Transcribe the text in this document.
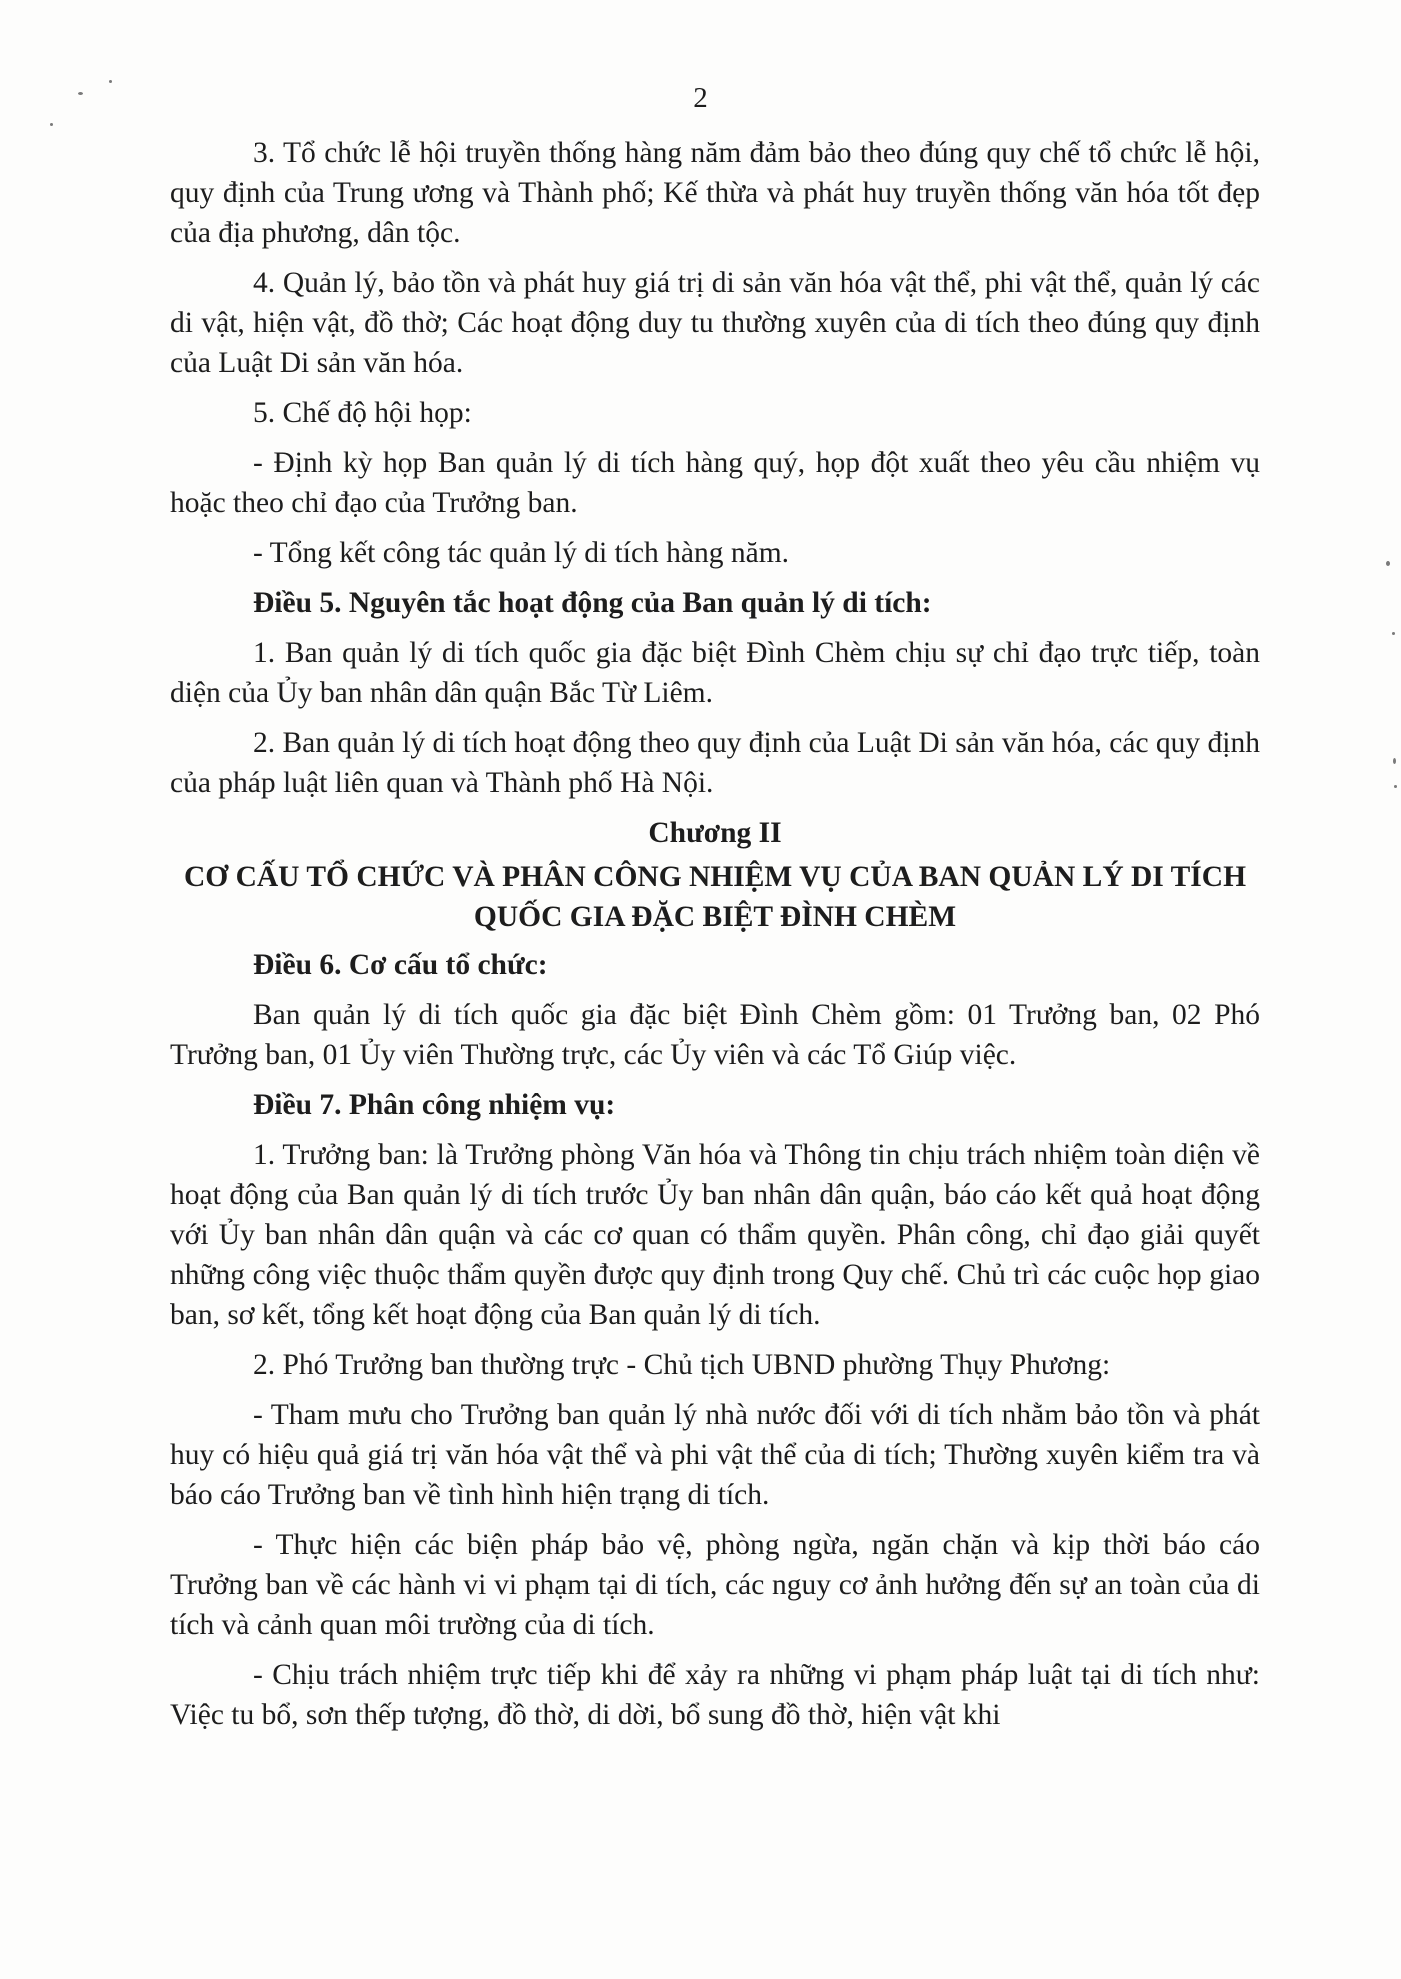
2

3. Tổ chức lễ hội truyền thống hàng năm đảm bảo theo đúng quy chế tổ chức lễ hội, quy định của Trung ương và Thành phố; Kế thừa và phát huy truyền thống văn hóa tốt đẹp của địa phương, dân tộc.

4. Quản lý, bảo tồn và phát huy giá trị di sản văn hóa vật thể, phi vật thể, quản lý các di vật, hiện vật, đồ thờ; Các hoạt động duy tu thường xuyên của di tích theo đúng quy định của Luật Di sản văn hóa.

5. Chế độ hội họp:

- Định kỳ họp Ban quản lý di tích hàng quý, họp đột xuất theo yêu cầu nhiệm vụ hoặc theo chỉ đạo của Trưởng ban.

- Tổng kết công tác quản lý di tích hàng năm.

Điều 5. Nguyên tắc hoạt động của Ban quản lý di tích:

1. Ban quản lý di tích quốc gia đặc biệt Đình Chèm chịu sự chỉ đạo trực tiếp, toàn diện của Ủy ban nhân dân quận Bắc Từ Liêm.

2. Ban quản lý di tích hoạt động theo quy định của Luật Di sản văn hóa, các quy định của pháp luật liên quan và Thành phố Hà Nội.

Chương II
CƠ CẤU TỔ CHỨC VÀ PHÂN CÔNG NHIỆM VỤ CỦA BAN QUẢN LÝ DI TÍCH QUỐC GIA ĐẶC BIỆT ĐÌNH CHÈM

Điều 6. Cơ cấu tổ chức:

Ban quản lý di tích quốc gia đặc biệt Đình Chèm gồm: 01 Trưởng ban, 02 Phó Trưởng ban, 01 Ủy viên Thường trực, các Ủy viên và các Tổ Giúp việc.

Điều 7. Phân công nhiệm vụ:

1. Trưởng ban: là Trưởng phòng Văn hóa và Thông tin chịu trách nhiệm toàn diện về hoạt động của Ban quản lý di tích trước Ủy ban nhân dân quận, báo cáo kết quả hoạt động với Ủy ban nhân dân quận và các cơ quan có thẩm quyền. Phân công, chỉ đạo giải quyết những công việc thuộc thẩm quyền được quy định trong Quy chế. Chủ trì các cuộc họp giao ban, sơ kết, tổng kết hoạt động của Ban quản lý di tích.

2. Phó Trưởng ban thường trực - Chủ tịch UBND phường Thụy Phương:

- Tham mưu cho Trưởng ban quản lý nhà nước đối với di tích nhằm bảo tồn và phát huy có hiệu quả giá trị văn hóa vật thể và phi vật thể của di tích; Thường xuyên kiểm tra và báo cáo Trưởng ban về tình hình hiện trạng di tích.

- Thực hiện các biện pháp bảo vệ, phòng ngừa, ngăn chặn và kịp thời báo cáo Trưởng ban về các hành vi vi phạm tại di tích, các nguy cơ ảnh hưởng đến sự an toàn của di tích và cảnh quan môi trường của di tích.

- Chịu trách nhiệm trực tiếp khi để xảy ra những vi phạm pháp luật tại di tích như: Việc tu bổ, sơn thếp tượng, đồ thờ, di dời, bổ sung đồ thờ, hiện vật khi
